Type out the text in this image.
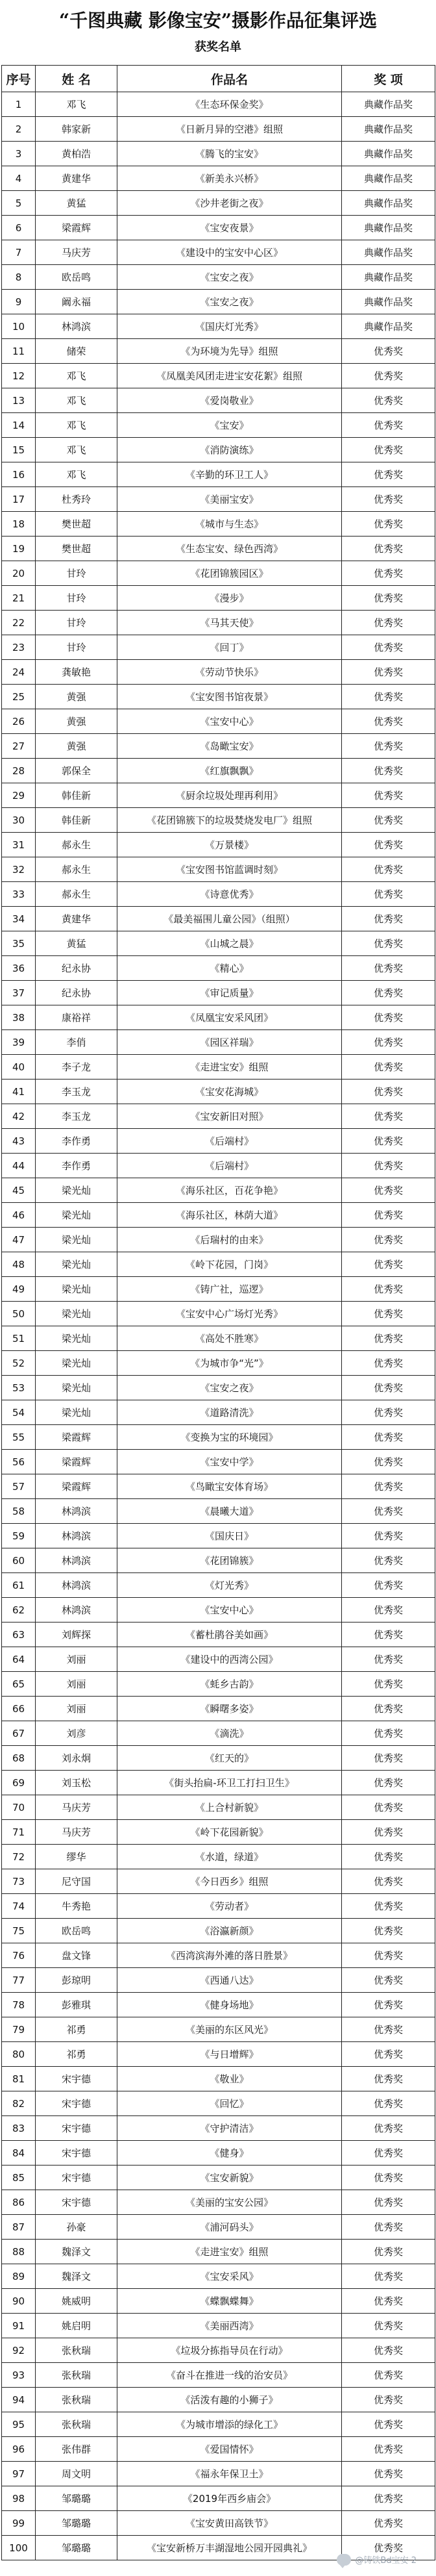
“千图典藏 影像宝安”摄影作品征集评选
获奖名单
序号	姓 名	作品名	奖 项
1	邓飞	《生态环保金奖》	典藏作品奖
2	韩家新	《日新月异的空港》组照	典藏作品奖
3	黄柏浩	《腾飞的宝安》	典藏作品奖
4	黄建华	《新美永兴桥》	典藏作品奖
5	黄猛	《沙井老街之夜》	典藏作品奖
6	梁霞辉	《宝安夜景》	典藏作品奖
7	马庆芳	《建设中的宝安中心区》	典藏作品奖
8	欧岳鸣	《宝安之夜》	典藏作品奖
9	阚永福	《宝安之夜》	典藏作品奖
10	林鸿滨	《国庆灯光秀》	典藏作品奖
11	储荣	《为环境为先导》组照	优秀奖
12	邓飞	《凤凰美风团走进宝安花絮》组照	优秀奖
13	邓飞	《爱岗敬业》	优秀奖
14	邓飞	《宝安》	优秀奖
15	邓飞	《消防演练》	优秀奖
16	邓飞	《辛勤的环卫工人》	优秀奖
17	杜秀玲	《美丽宝安》	优秀奖
18	樊世超	《城市与生态》	优秀奖
19	樊世超	《生态宝安、绿色西湾》	优秀奖
20	甘玲	《花团锦簇园区》	优秀奖
21	甘玲	《漫步》	优秀奖
22	甘玲	《马其天使》	优秀奖
23	甘玲	《回丁》	优秀奖
24	龚敏艳	《劳动节快乐》	优秀奖
25	黄强	《宝安图书馆夜景》	优秀奖
26	黄强	《宝安中心》	优秀奖
27	黄强	《岛瞰宝安》	优秀奖
28	郭保全	《红旗飘飘》	优秀奖
29	韩佳新	《厨余垃圾处理再利用》	优秀奖
30	韩佳新	《花团锦簇下的垃圾焚烧发电厂》组照	优秀奖
31	郝永生	《万景楼》	优秀奖
32	郝永生	《宝安图书馆蓝调时刻》	优秀奖
33	郝永生	《诗意优秀》	优秀奖
34	黄建华	《最美福围儿童公园》（组照）	优秀奖
35	黄猛	《山城之晨》	优秀奖
36	纪永协	《精心》	优秀奖
37	纪永协	《审记质量》	优秀奖
38	康裕祥	《凤凰宝安采风团》	优秀奖
39	李俏	《园区祥瑞》	优秀奖
40	李子龙	《走进宝安》组照	优秀奖
41	李玉龙	《宝安花海城》	优秀奖
42	李玉龙	《宝安新旧对照》	优秀奖
43	李作勇	《后端村》	优秀奖
44	李作勇	《后端村》	优秀奖
45	梁光灿	《海乐社区，百花争艳》	优秀奖
46	梁光灿	《海乐社区，林荫大道》	优秀奖
47	梁光灿	《后瑞村的由来》	优秀奖
48	梁光灿	《岭下花园，门岗》	优秀奖
49	梁光灿	《铸广社，巡逻》	优秀奖
50	梁光灿	《宝安中心广场灯光秀》	优秀奖
51	梁光灿	《高处不胜寒》	优秀奖
52	梁光灿	《为城市争“光”》	优秀奖
53	梁光灿	《宝安之夜》	优秀奖
54	梁光灿	《道路清洗》	优秀奖
55	梁霞辉	《变换为宝的环境园》	优秀奖
56	梁霞辉	《宝安中学》	优秀奖
57	梁霞辉	《鸟瞰宝安体育场》	优秀奖
58	林鸿滨	《晨曦大道》	优秀奖
59	林鸿滨	《国庆日》	优秀奖
60	林鸿滨	《花团锦簇》	优秀奖
61	林鸿滨	《灯光秀》	优秀奖
62	林鸿滨	《宝安中心》	优秀奖
63	刘辉探	《蓄杜鹃谷美如画》	优秀奖
64	刘丽	《建设中的西湾公园》	优秀奖
65	刘丽	《蚝乡古韵》	优秀奖
66	刘丽	《瞬曙多姿》	优秀奖
67	刘彦	《滴洗》	优秀奖
68	刘永炯	《红天的》	优秀奖
69	刘玉松	《街头抬扁-环卫工打扫卫生》	优秀奖
70	马庆芳	《上合村新貌》	优秀奖
71	马庆芳	《岭下花园新貌》	优秀奖
72	缪华	《水道，绿道》	优秀奖
73	尼守国	《今日西乡》组照	优秀奖
74	牛秀艳	《劳动者》	优秀奖
75	欧岳鸣	《浴瀛新颜》	优秀奖
76	盘文锋	《西湾滨海外滩的落日胜景》	优秀奖
77	彭琼明	《西通八达》	优秀奖
78	彭雅琪	《健身场地》	优秀奖
79	祁勇	《美丽的东区风光》	优秀奖
80	祁勇	《与日增辉》	优秀奖
81	宋宇德	《敬业》	优秀奖
82	宋宇德	《回忆》	优秀奖
83	宋宇德	《守护清洁》	优秀奖
84	宋宇德	《健身》	优秀奖
85	宋宇德	《宝安新貌》	优秀奖
86	宋宇德	《美丽的宝安公园》	优秀奖
87	孙豪	《浦河码头》	优秀奖
88	魏泽文	《走进宝安》组照	优秀奖
89	魏泽文	《宝安采风》	优秀奖
90	姚威明	《蝶飘蝶舞》	优秀奖
91	姚启明	《美丽西湾》	优秀奖
92	张秋瑞	《垃圾分拣指导员在行动》	优秀奖
93	张秋瑞	《奋斗在推进一线的治安员》	优秀奖
94	张秋瑞	《活泼有趣的小狮子》	优秀奖
95	张秋瑞	《为城市增添的绿化工》	优秀奖
96	张伟群	《爱国情怀》	优秀奖
97	周文明	《福永年保卫土》	优秀奖
98	邹璐璐	《2019年西乡庙会》	优秀奖
99	邹璐璐	《宝安黄田高铁节》	优秀奖
100	邹璐璐	《宝安新桥万丰湖湿地公园开园典礼》	优秀奖
@铸铁Bd宝安 2
